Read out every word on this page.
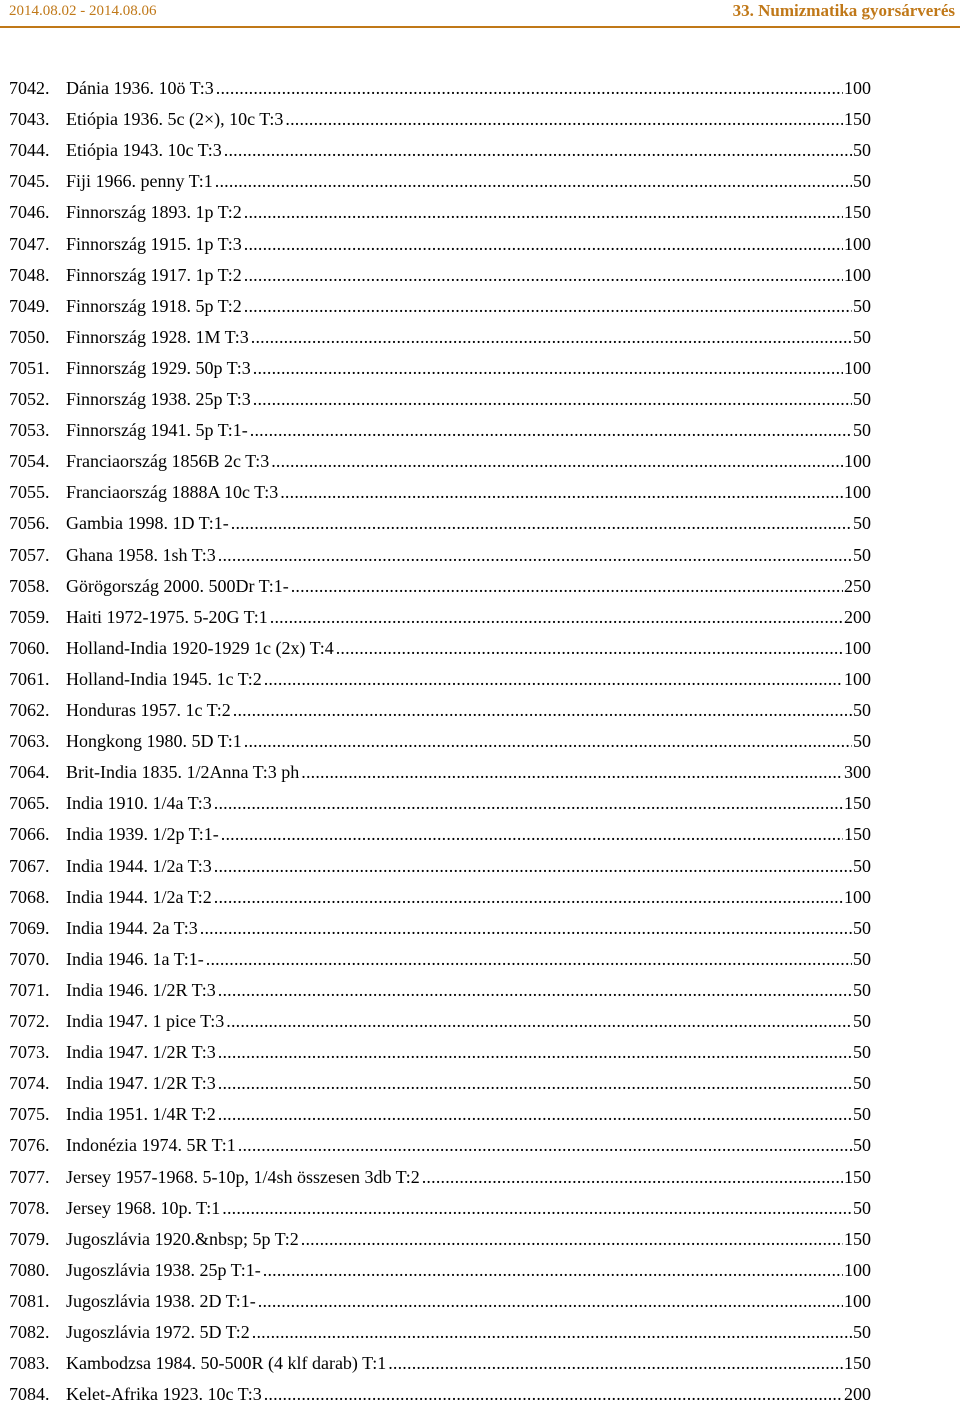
2014.08.02 - 2014.08.06	33. Numizmatika gyorsárverés
7042. Dánia 1936. 10ö T:3 .....	100
7043. Etiópia 1936. 5c (2×), 10c T:3 .....	150
7044. Etiópia 1943. 10c T:3 .....	50
7045. Fiji 1966. penny T:1 .....	50
7046. Finnország 1893. 1p T:2 .....	150
7047. Finnország 1915. 1p T:3 .....	100
7048. Finnország 1917. 1p T:2 .....	100
7049. Finnország 1918. 5p T:2 .....	50
7050. Finnország 1928. 1M T:3 .....	50
7051. Finnország 1929. 50p T:3 .....	100
7052. Finnország 1938. 25p T:3 .....	50
7053. Finnország 1941. 5p T:1- .....	50
7054. Franciaország 1856B 2c T:3 .....	100
7055. Franciaország 1888A 10c T:3 .....	100
7056. Gambia 1998. 1D T:1- .....	50
7057. Ghana 1958. 1sh T:3 .....	50
7058. Görögország 2000. 500Dr T:1- .....	250
7059. Haiti 1972-1975. 5-20G T:1 .....	200
7060. Holland-India 1920-1929 1c (2x) T:4 .....	100
7061. Holland-India 1945. 1c T:2 .....	100
7062. Honduras 1957. 1c T:2 .....	50
7063. Hongkong 1980. 5D T:1 .....	50
7064. Brit-India 1835. 1/2Anna T:3 ph .....	300
7065. India 1910. 1/4a T:3 .....	150
7066. India 1939. 1/2p T:1- .....	150
7067. India 1944. 1/2a T:3 .....	50
7068. India 1944. 1/2a T:2 .....	100
7069. India 1944. 2a T:3 .....	50
7070. India 1946. 1a T:1- .....	50
7071. India 1946. 1/2R T:3 .....	50
7072. India 1947. 1 pice T:3 .....	50
7073. India 1947. 1/2R T:3 .....	50
7074. India 1947. 1/2R T:3 .....	50
7075. India 1951. 1/4R T:2 .....	50
7076. Indonézia 1974. 5R T:1 .....	50
7077. Jersey 1957-1968. 5-10p, 1/4sh összesen 3db T:2 .....	150
7078. Jersey 1968. 10p. T:1 .....	50
7079. Jugoszlávia 1920.&nbsp; 5p T:2 .....	150
7080. Jugoszlávia 1938. 25p T:1- .....	100
7081. Jugoszlávia 1938. 2D T:1- .....	100
7082. Jugoszlávia 1972. 5D T:2 .....	50
7083. Kambodzsa 1984. 50-500R (4 klf darab) T:1 .....	150
7084. Kelet-Afrika 1923. 10c T:3 .....	200
